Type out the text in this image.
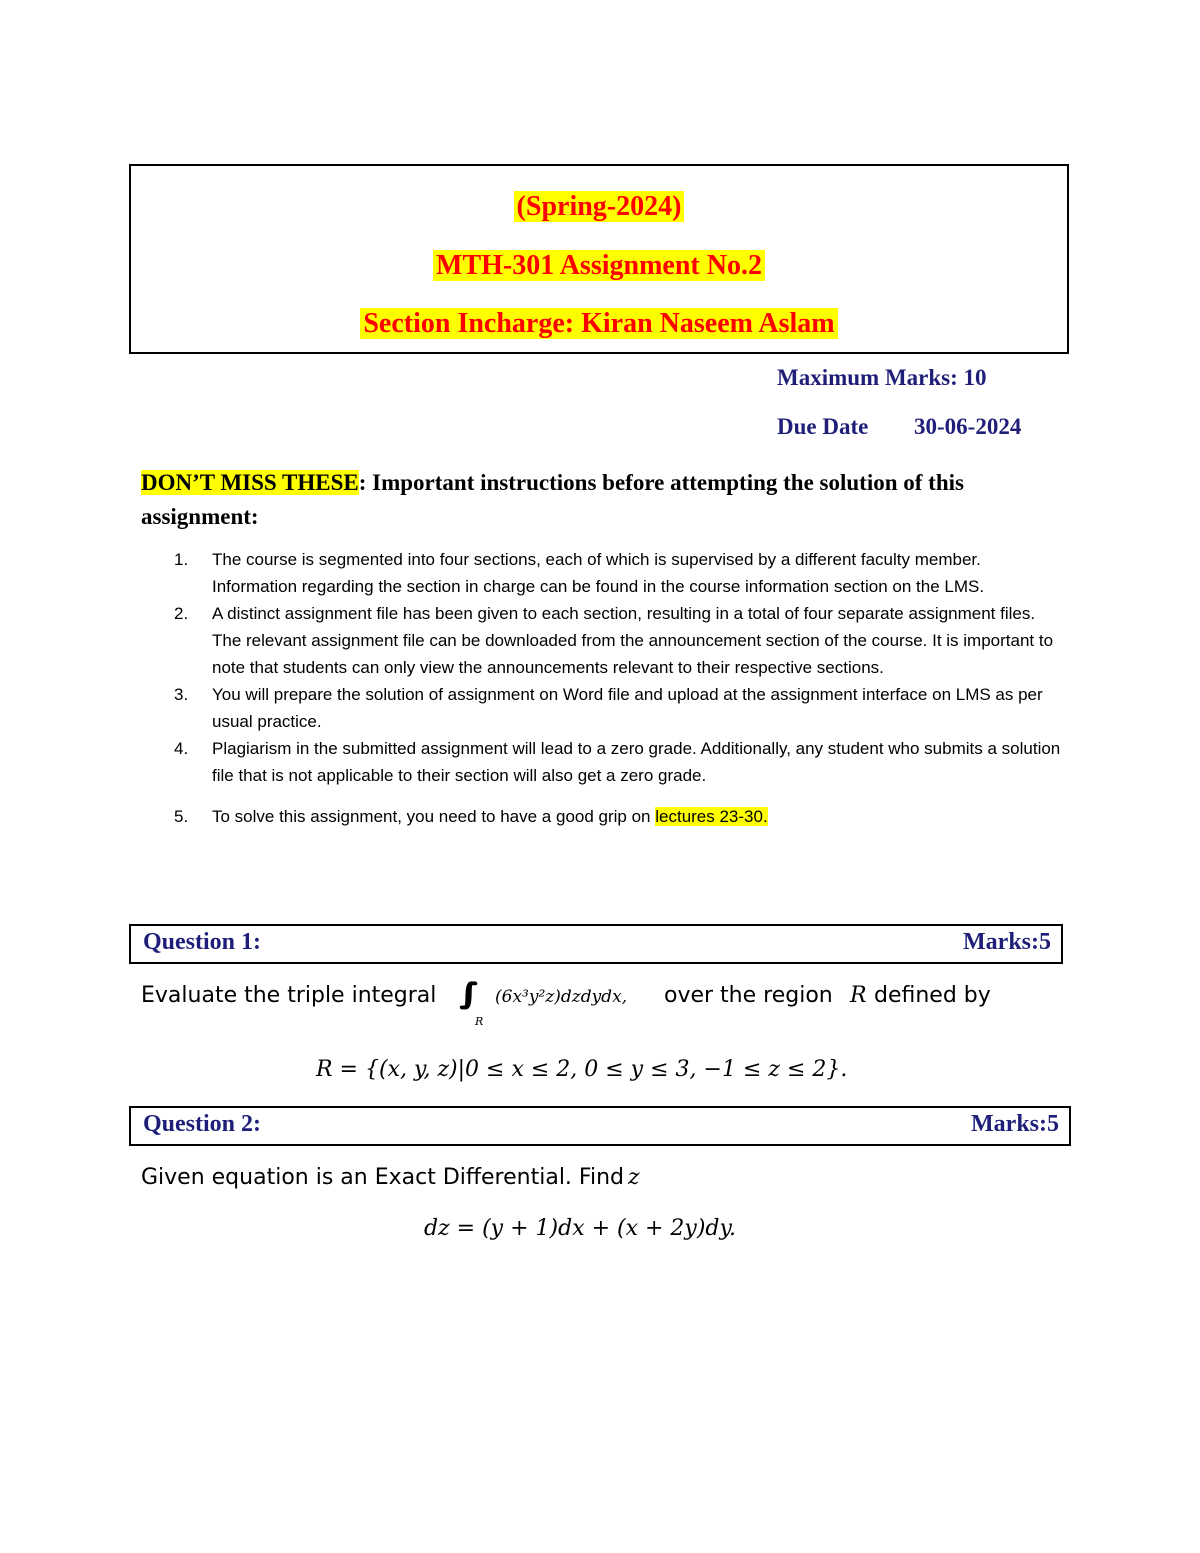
(Spring-2024)
MTH-301 Assignment No.2
Section Incharge: Kiran Naseem Aslam
Maximum Marks: 10
Due Date 30-06-2024
DON’T MISS THESE: Important instructions before attempting the solution of this assignment:
1. The course is segmented into four sections, each of which is supervised by a different faculty member. Information regarding the section in charge can be found in the course information section on the LMS.
2. A distinct assignment file has been given to each section, resulting in a total of four separate assignment files. The relevant assignment file can be downloaded from the announcement section of the course. It is important to note that students can only view the announcements relevant to their respective sections.
3. You will prepare the solution of assignment on Word file and upload at the assignment interface on LMS as per usual practice.
4. Plagiarism in the submitted assignment will lead to a zero grade. Additionally, any student who submits a solution file that is not applicable to their section will also get a zero grade.
5. To solve this assignment, you need to have a good grip on lectures 23-30.
Question 1:	Marks:5
Evaluate the triple integral ∫∫∫
R
(6x³y²z)dzdydx, over the region R defined by
R = {(x, y, z)|0 ≤ x ≤ 2, 0 ≤ y ≤ 3, −1 ≤ z ≤ 2}.
Question 2:	Marks:5
Given equation is an Exact Differential. Find z
dz = (y + 1)dx + (x + 2y)dy.
